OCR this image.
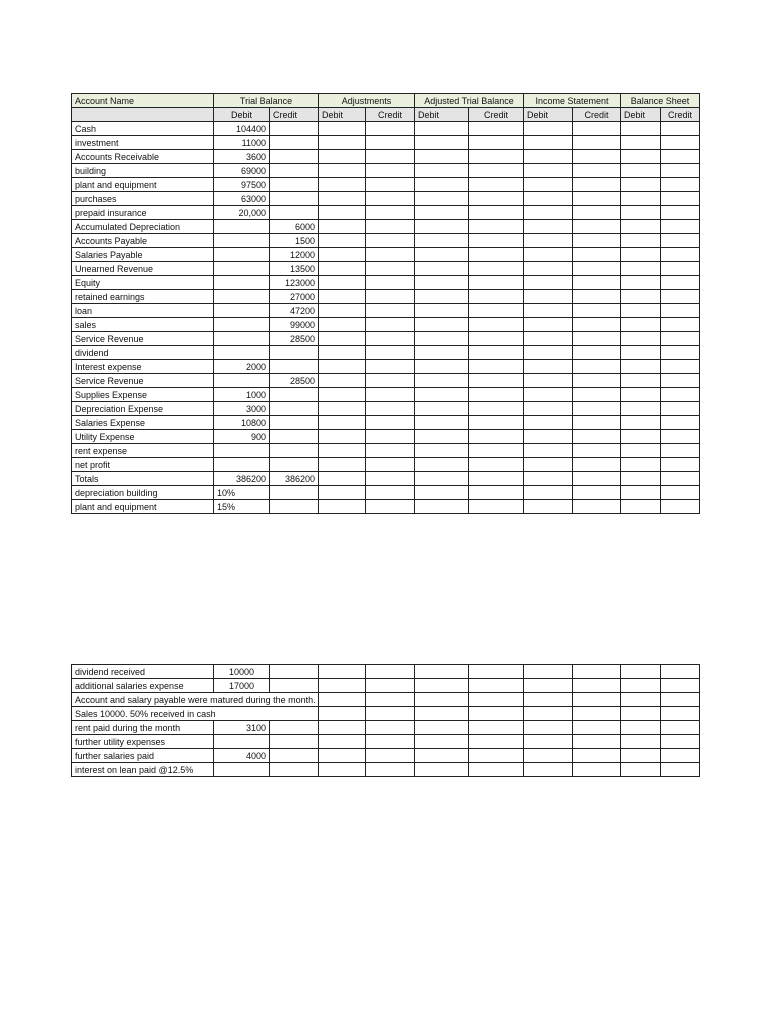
Account Name	Trial Balance		Adjustments		Adjusted Trial Balance		Income Statement		Balance Sheet	
	Debit	Credit	Debit	Credit	Debit	Credit	Debit	Credit	Debit	Credit
Cash	104400									
investment	11000									
Accounts Receivable	3600									
building	69000									
plant and equipment	97500									
purchases	63000									
prepaid insurance	20,000									
Accumulated Depreciation		6000								
Accounts Payable		1500								
Salaries Payable		12000								
Unearned Revenue		13500								
Equity		123000								
retained earnings		27000								
loan		47200								
sales		99000								
Service Revenue		28500								
dividend										
Interest expense	2000									
Service Revenue		28500								
Supplies Expense	1000									
Depreciation Expense	3000									
Salaries Expense	10800									
Utility Expense	900									
rent expense										
net profit										
Totals	386200	386200								
depreciation building	10%									
plant and equipment	15%									
dividend received	10000									
additional salaries expense	17000									
Account and salary payable were matured during the month.										
Sales 10000. 50% received in cash										
rent paid during the month	3100									
further utility expenses										
further salaries paid	4000									
interest on lean paid @12.5%										
